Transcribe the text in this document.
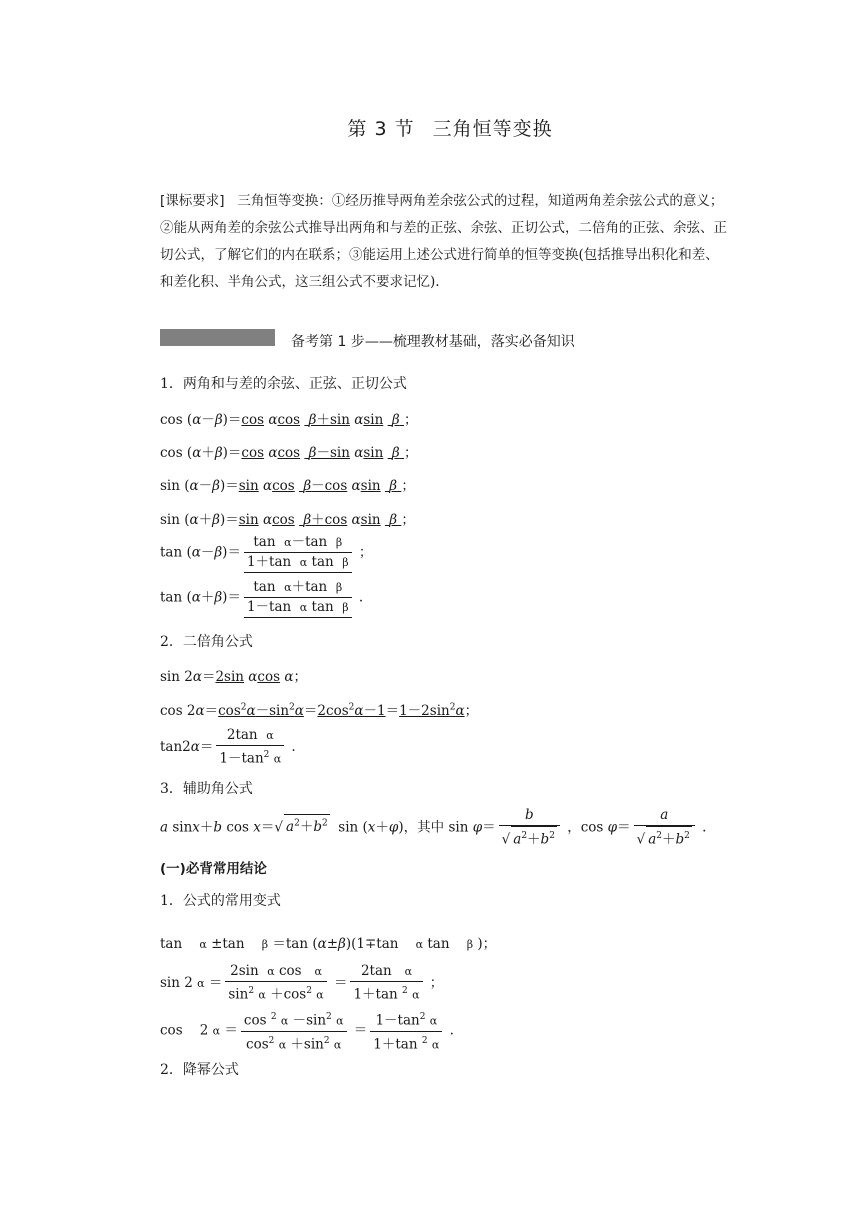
第 3 节 三角恒等变换
[课标要求] 三角恒等变换：①经历推导两角差余弦公式的过程，知道两角差余弦公式的意义；②能从两角差的余弦公式推导出两角和与差的正弦、余弦、正切公式，二倍角的正弦、余弦、正切公式，了解它们的内在联系；③能运用上述公式进行简单的恒等变换(包括推导出积化和差、和差化积、半角公式，这三组公式不要求记忆).
备考第 1 步——梳理教材基础，落实必备知识
1．两角和与差的余弦、正弦、正切公式
cos (α－β)＝cos αcos β＋sin αsin β ；
cos (α＋β)＝cos αcos β－sin αsin β ；
sin (α－β)＝sin αcos β－cos αsin β ；
sin (α＋β)＝sin αcos β＋cos αsin β ；
$\tan (\alpha-\beta)= \frac{\text{tan  α－tan  β}}{\text{1＋tan  α tan  β}}$ ；
$\tan (\alpha+\beta)= \frac{\text{tan  α＋tan  β}}{\text{1－tan  α tan  β}}$ .
2．二倍角公式
sin 2α＝2sin αcos α；
$\cos 2\alpha=\cos^2\alpha-\sin^2\alpha=2\cos^2\alpha-1=1-2\sin^2\alpha$；
$\tan 2\alpha= \frac{\text{2tan  α}}{1-\tan^2 \alpha}$ .
3．辅助角公式
a sinx＋b cos x＝√ $a^2+b^2$  sin (x＋φ)，其中 $\sin \varphi= \frac{b}{√ a^2+b^2}$ ，$\cos \varphi= \frac{a}{√ a^2+b^2}$ .
(一)必背常用结论
1．公式的常用变式
tan    α ±tan    β ＝tan (α±β)(1∓tan    α tan    β )；
sin 2 $\alpha = \frac{\text{2sin  α cos   α}}{\sin^2 \alpha +\cos^2 \alpha} = \frac{\text{2tan   α}}{1+\tan ^2 \alpha}$ ；
cos    2 $\alpha = \frac{\cos ^2 \alpha -\sin^2 \alpha}{\cos^2 \alpha +\sin^2 \alpha} = \frac{1-\tan^2 \alpha}{1+\tan ^2 \alpha}$ .
2．降幂公式
